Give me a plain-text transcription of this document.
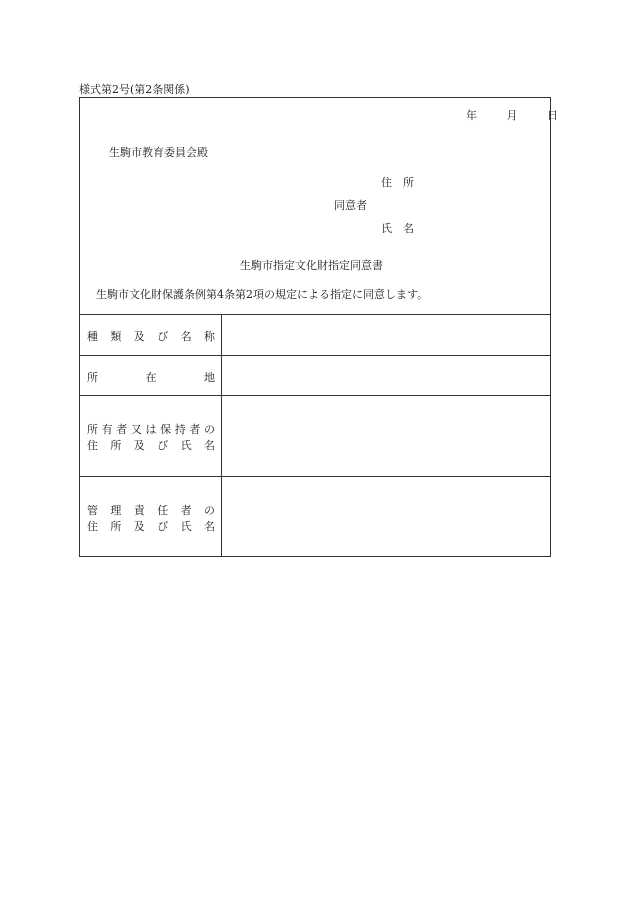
様式第2号(第2条関係)
年	月	日
生駒市教育委員会殿
住　所
同意者
氏　名
生駒市指定文化財指定同意書
生駒市文化財保護条例第4条第2項の規定による指定に同意します。
種類及び名称
所在地
所有者又は保持者の
住所及び氏名
管理責任者の
住所及び氏名
